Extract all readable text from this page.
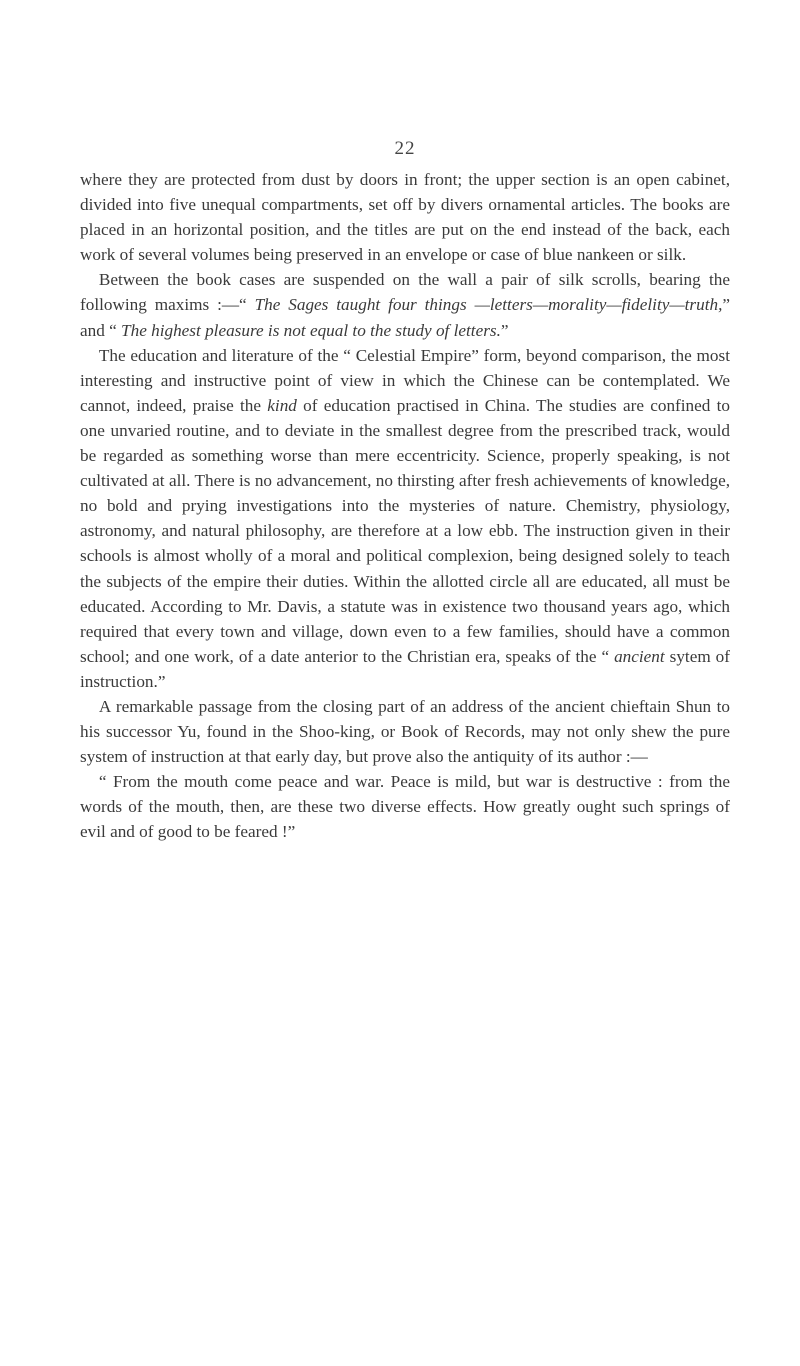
22

where they are protected from dust by doors in front; the upper section is an open cabinet, divided into five unequal compartments, set off by divers ornamental articles. The books are placed in an horizontal position, and the titles are put on the end instead of the back, each work of several volumes being preserved in an envelope or case of blue nankeen or silk.

Between the book cases are suspended on the wall a pair of silk scrolls, bearing the following maxims :—“ The Sages taught four things —letters—morality—fidelity—truth,” and “ The highest pleasure is not equal to the study of letters.”

The education and literature of the “ Celestial Empire” form, beyond comparison, the most interesting and instructive point of view in which the Chinese can be contemplated. We cannot, indeed, praise the kind of education practised in China. The studies are confined to one unvaried routine, and to deviate in the smallest degree from the prescribed track, would be regarded as something worse than mere eccentricity. Science, properly speaking, is not cultivated at all. There is no advancement, no thirsting after fresh achievements of knowledge, no bold and prying investigations into the mysteries of nature. Chemistry, physiology, astronomy, and natural philosophy, are therefore at a low ebb. The instruction given in their schools is almost wholly of a moral and political complexion, being designed solely to teach the subjects of the empire their duties. Within the allotted circle all are educated, all must be educated. According to Mr. Davis, a statute was in existence two thousand years ago, which required that every town and village, down even to a few families, should have a common school; and one work, of a date anterior to the Christian era, speaks of the “ ancient sytem of instruction.”

A remarkable passage from the closing part of an address of the ancient chieftain Shun to his successor Yu, found in the Shoo-king, or Book of Records, may not only shew the pure system of instruction at that early day, but prove also the antiquity of its author :—

“ From the mouth come peace and war. Peace is mild, but war is destructive : from the words of the mouth, then, are these two diverse effects. How greatly ought such springs of evil and of good to be feared !”
